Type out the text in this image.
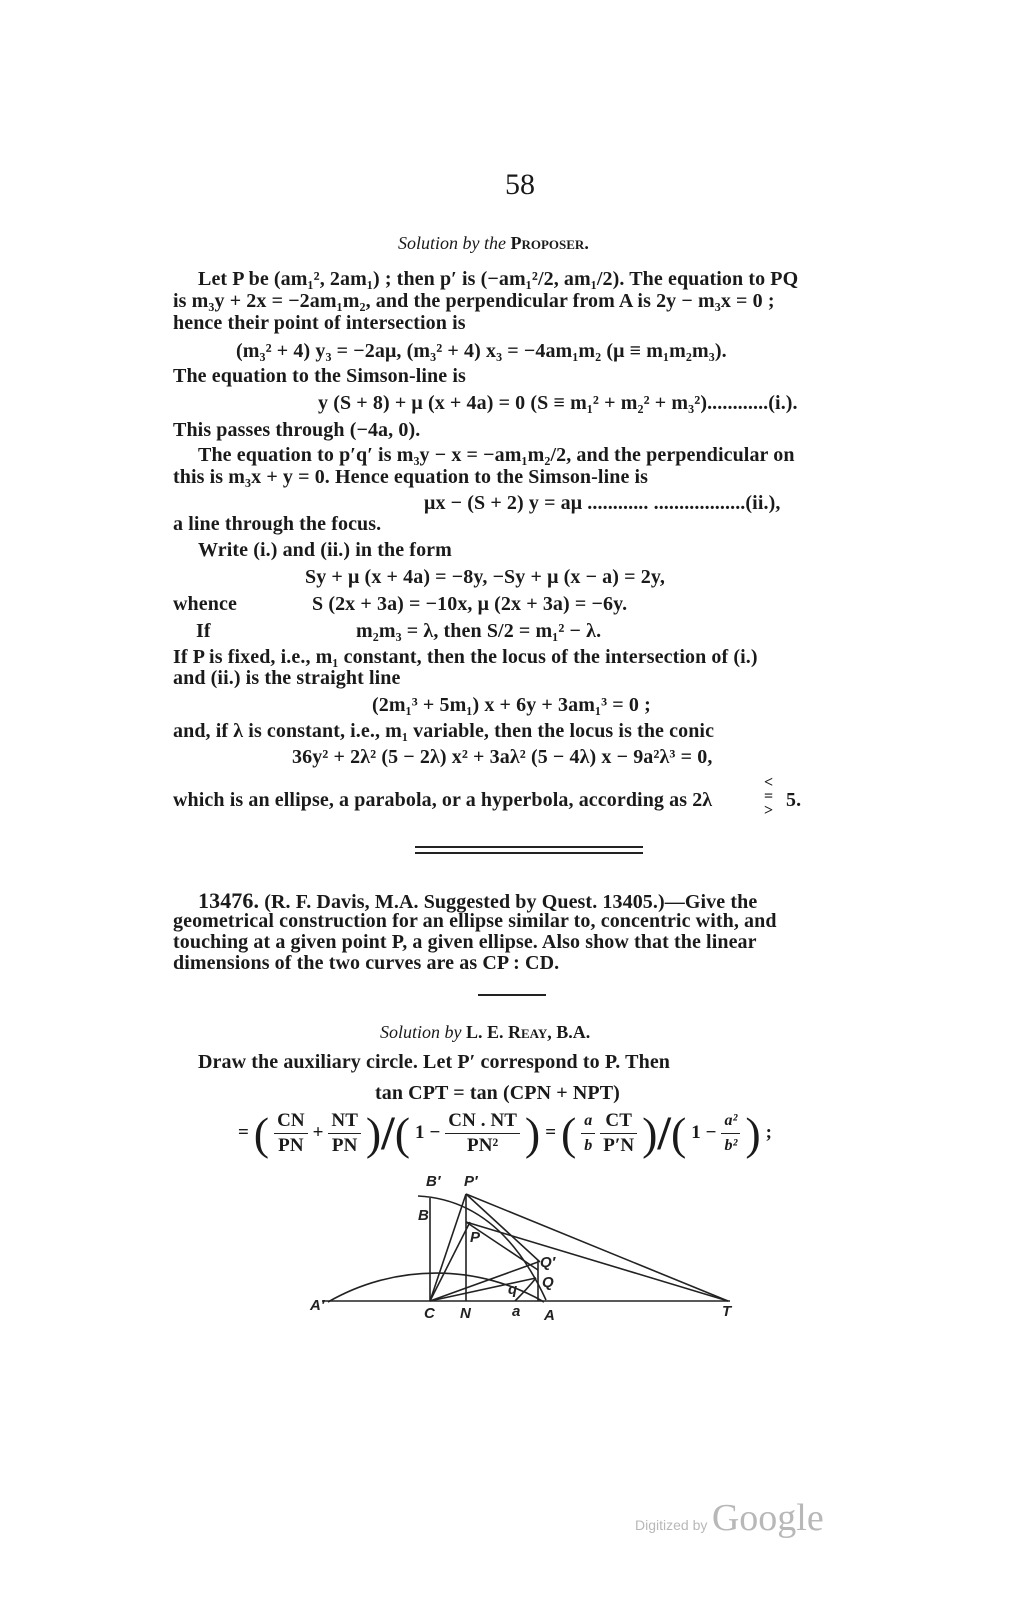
58
Solution by the Proposer.
Let P be (am₁², 2am₁) ; then p′ is (−am₁²/2, am₁/2). The equation to PQ
is m₃y + 2x = −2am₁m₂, and the perpendicular from A is 2y − m₃x = 0 ;
hence their point of intersection is
(m₃² + 4) y₃ = −2aμ, (m₃² + 4) x₃ = −4am₁m₂ (μ ≡ m₁m₂m₃).
The equation to the Simson-line is
y (S + 8) + μ (x + 4a) = 0 (S ≡ m₁² + m₂² + m₃²)............(i.).
This passes through (−4a, 0).
The equation to p′q′ is m₃y − x = −am₁m₂/2, and the perpendicular on
this is m₃x + y = 0. Hence equation to the Simson-line is
μx − (S + 2) y = aμ ............ ..................(ii.),
a line through the focus.
Write (i.) and (ii.) in the form
Sy + μ (x + 4a) = −8y, −Sy + μ (x − a) = 2y,
whence	S (2x + 3a) = −10x, μ (2x + 3a) = −6y.
If	m₂m₃ = λ, then S/2 = m₁² − λ.
If P is fixed, i.e., m₁ constant, then the locus of the intersection of (i.)
and (ii.) is the straight line
(2m₁³ + 5m₁) x + 6y + 3am₁³ = 0 ;
and, if λ is constant, i.e., m₁ variable, then the locus is the conic
36y² + 2λ² (5 − 2λ) x² + 3aλ² (5 − 4λ) x − 9a²λ³ = 0,
which is an ellipse, a parabola, or a hyperbola, according as 2λ
<
=
> 5.
13476. (R. F. Davis, M.A. Suggested by Quest. 13405.)—Give the
geometrical construction for an ellipse similar to, concentric with, and
touching at a given point P, a given ellipse. Also show that the linear
dimensions of the two curves are as CP : CD.
Solution by L. E. Reay, B.A.
Draw the auxiliary circle. Let P′ correspond to P. Then
tan CPT = tan (CPN + NPT)
= ( $\frac{CN}{PN} + \frac{NT}{PN}$ )/( $1 - \frac{CN . NT}{\text{PN²}}$ ) = ( $\frac{a}{b}$
$\frac{CT}{P'N}$ )/( $1 - \frac{\text{a²}}{\text{b²}}$ ) ;
B′ P′
B
P
Q′
Q
q
A′	C N	a A	T
Digitized by Google
